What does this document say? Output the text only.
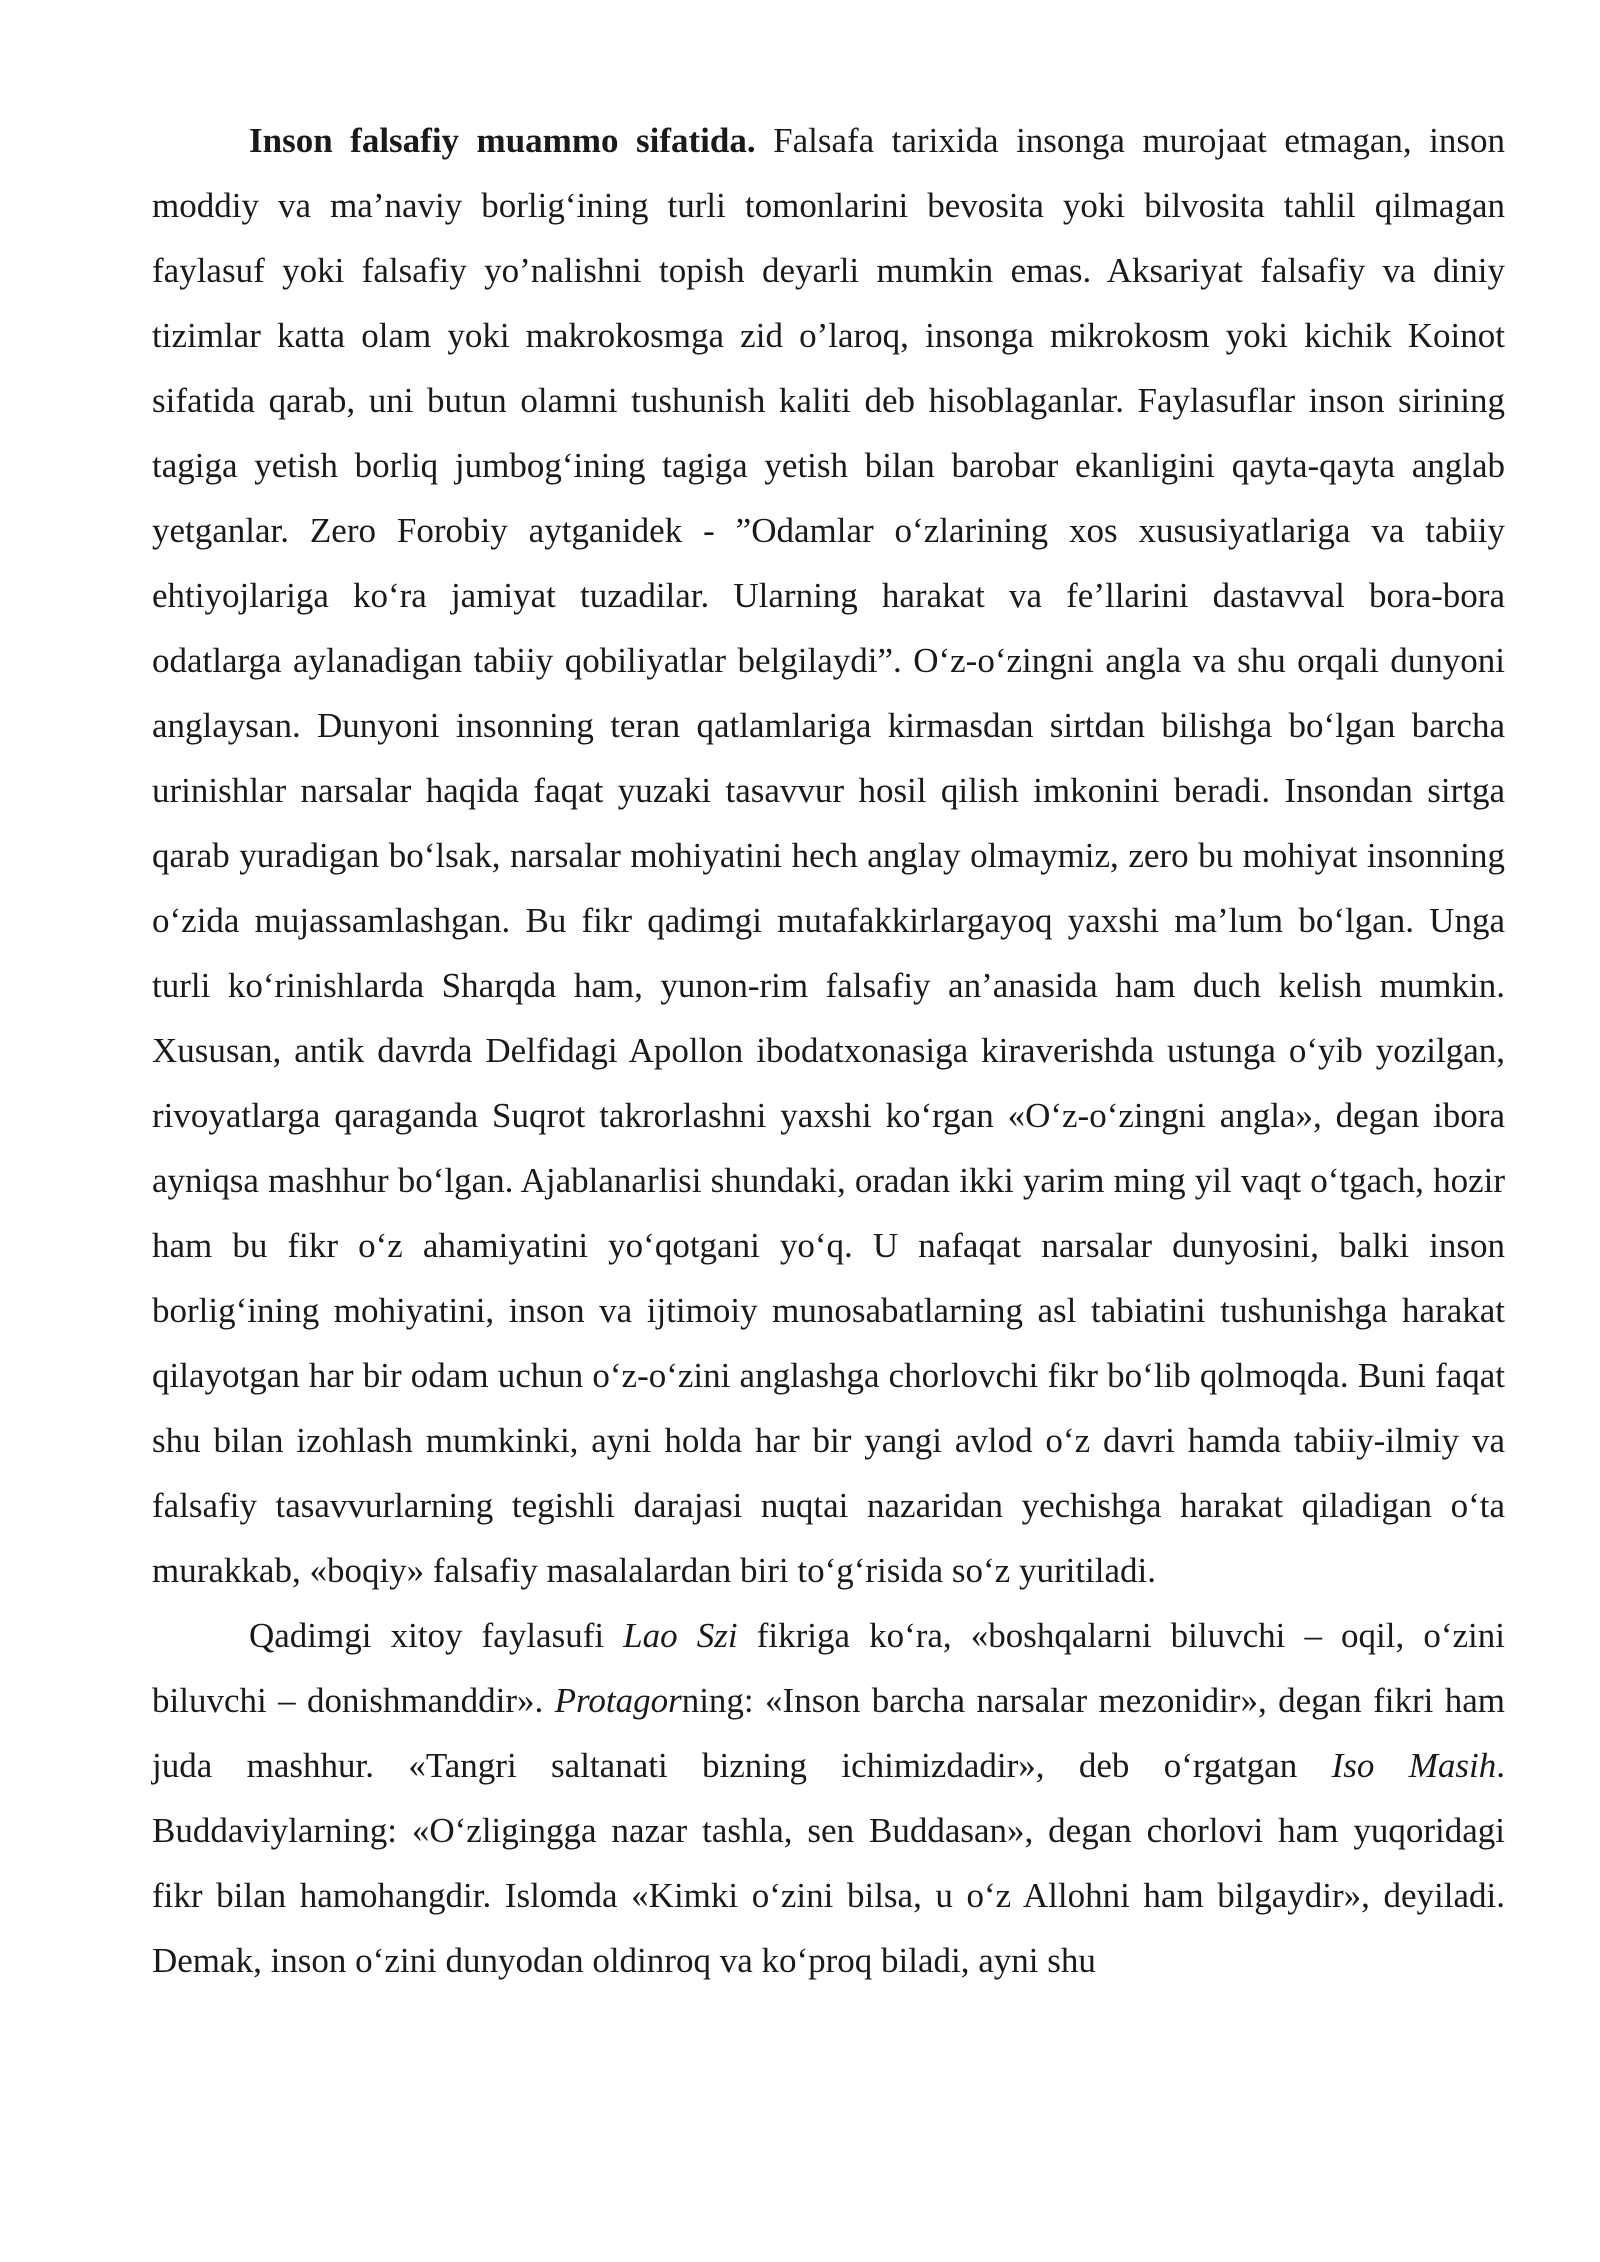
Inson falsafiy muammo sifatida. Falsafa tarixida insonga murojaat etmagan, inson moddiy va ma’naviy borlig‘ining turli tomonlarini bevosita yoki bilvosita tahlil qilmagan faylasuf yoki falsafiy yo’nalishni topish deyarli mumkin emas. Aksariyat falsafiy va diniy tizimlar katta olam yoki makrokosmga zid o’laroq, insonga mikrokosm yoki kichik Koinot sifatida qarab, uni butun olamni tushunish kaliti deb hisoblaganlar. Faylasuflar inson sirining tagiga yetish borliq jumbog‘ining tagiga yetish bilan barobar ekanligini qayta-qayta anglab yetganlar. Zero Forobiy aytganidek - ”Odamlar o‘zlarining xos xususiyatlariga va tabiiy ehtiyojlariga ko‘ra jamiyat tuzadilar. Ularning harakat va fe’llarini dastavval bora-bora odatlarga aylanadigan tabiiy qobiliyatlar belgilaydi”. O‘z-o‘zingni angla va shu orqali dunyoni anglaysan. Dunyoni insonning teran qatlamlariga kirmasdan sirtdan bilishga bo‘lgan barcha urinishlar narsalar haqida faqat yuzaki tasavvur hosil qilish imkonini beradi. Insondan sirtga qarab yuradigan bo‘lsak, narsalar mohiyatini hech anglay olmaymiz, zero bu mohiyat insonning o‘zida mujassamlashgan. Bu fikr qadimgi mutafakkirlargayoq yaxshi ma’lum bo‘lgan. Unga turli ko‘rinishlarda Sharqda ham, yunon-rim falsafiy an’anasida ham duch kelish mumkin. Xususan, antik davrda Delfidagi Apollon ibodatxonasiga kiraverishda ustunga o‘yib yozilgan, rivoyatlarga qaraganda Suqrot takrorlashni yaxshi ko‘rgan «O‘z-o‘zingni angla», degan ibora ayniqsa mashhur bo‘lgan. Ajablanarlisi shundaki, oradan ikki yarim ming yil vaqt o‘tgach, hozir ham bu fikr o‘z ahamiyatini yo‘qotgani yo‘q. U nafaqat narsalar dunyosini, balki inson borlig‘ining mohiyatini, inson va ijtimoiy munosabatlarning asl tabiatini tushunishga harakat qilayotgan har bir odam uchun o‘z-o‘zini anglashga chorlovchi fikr bo‘lib qolmoqda. Buni faqat shu bilan izohlash mumkinki, ayni holda har bir yangi avlod o‘z davri hamda tabiiy-ilmiy va falsafiy tasavvurlarning tegishli darajasi nuqtai nazaridan yechishga harakat qiladigan o‘ta murakkab, «boqiy» falsafiy masalalardan biri to‘g‘risida so‘z yuritiladi.

Qadimgi xitoy faylasufi Lao Szi fikriga ko‘ra, «boshqalarni biluvchi – oqil, o‘zini biluvchi – donishmanddir». Protagorning: «Inson barcha narsalar mezonidir», degan fikri ham juda mashhur. «Tangri saltanati bizning ichimizdadir», deb o‘rgatgan Iso Masih. Buddaviylarning: «O‘zligingga nazar tashla, sen Buddasan», degan chorlovi ham yuqoridagi fikr bilan hamohangdir. Islomda «Kimki o‘zini bilsa, u o‘z Allohni ham bilgaydir», deyiladi. Demak, inson o‘zini dunyodan oldinroq va ko‘proq biladi, ayni shu
